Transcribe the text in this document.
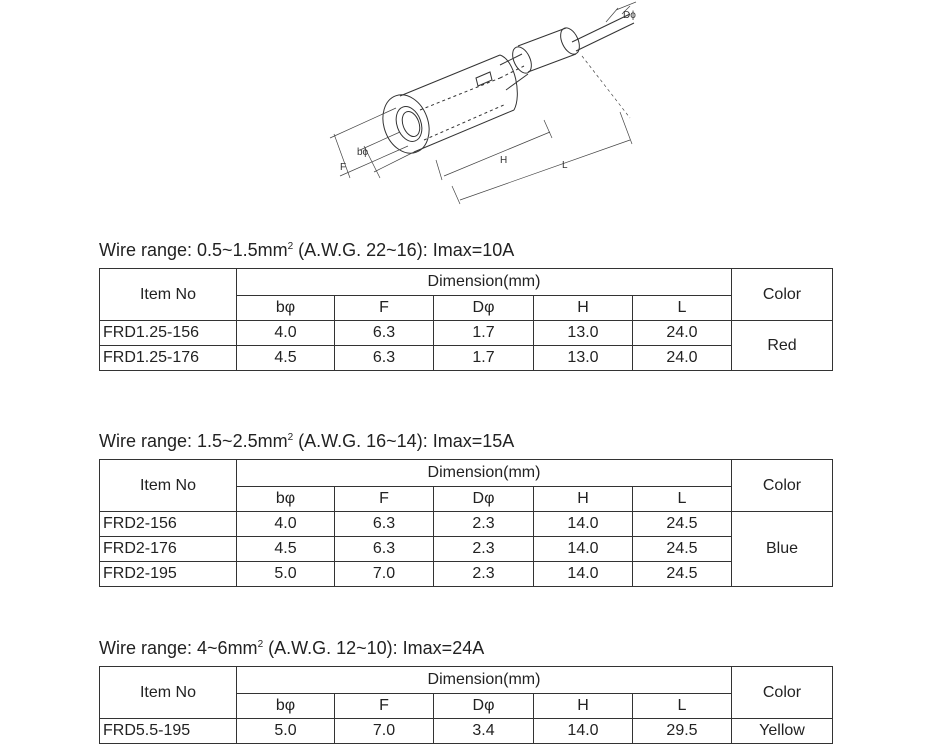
Dϕ
bϕ
F
H	L
Wire range: $0.5\sim 1.5mm^2$ (A.W.G. 22~16): Imax=10A
Item No	Dimension(mm)					Color
	bφ	F	Dφ	H	L	
FRD1.25-156	4.0	6.3	1.7	13.0	24.0	Red
FRD1.25-176	4.5	6.3	1.7	13.0	24.0	
Wire range: $1.5\sim 2.5mm^2$ (A.W.G. 16~14): Imax=15A
Item No	Dimension(mm)					Color
	bφ	F	Dφ	H	L	
FRD2-156	4.0	6.3	2.3	14.0	24.5	Blue
FRD2-176	4.5	6.3	2.3	14.0	24.5	
FRD2-195	5.0	7.0	2.3	14.0	24.5	
Wire range: $4\sim 6mm^2$ (A.W.G. 12~10): Imax=24A
Item No	Dimension(mm)					Color
	bφ	F	Dφ	H	L	
FRD5.5-195	5.0	7.0	3.4	14.0	29.5	Yellow
